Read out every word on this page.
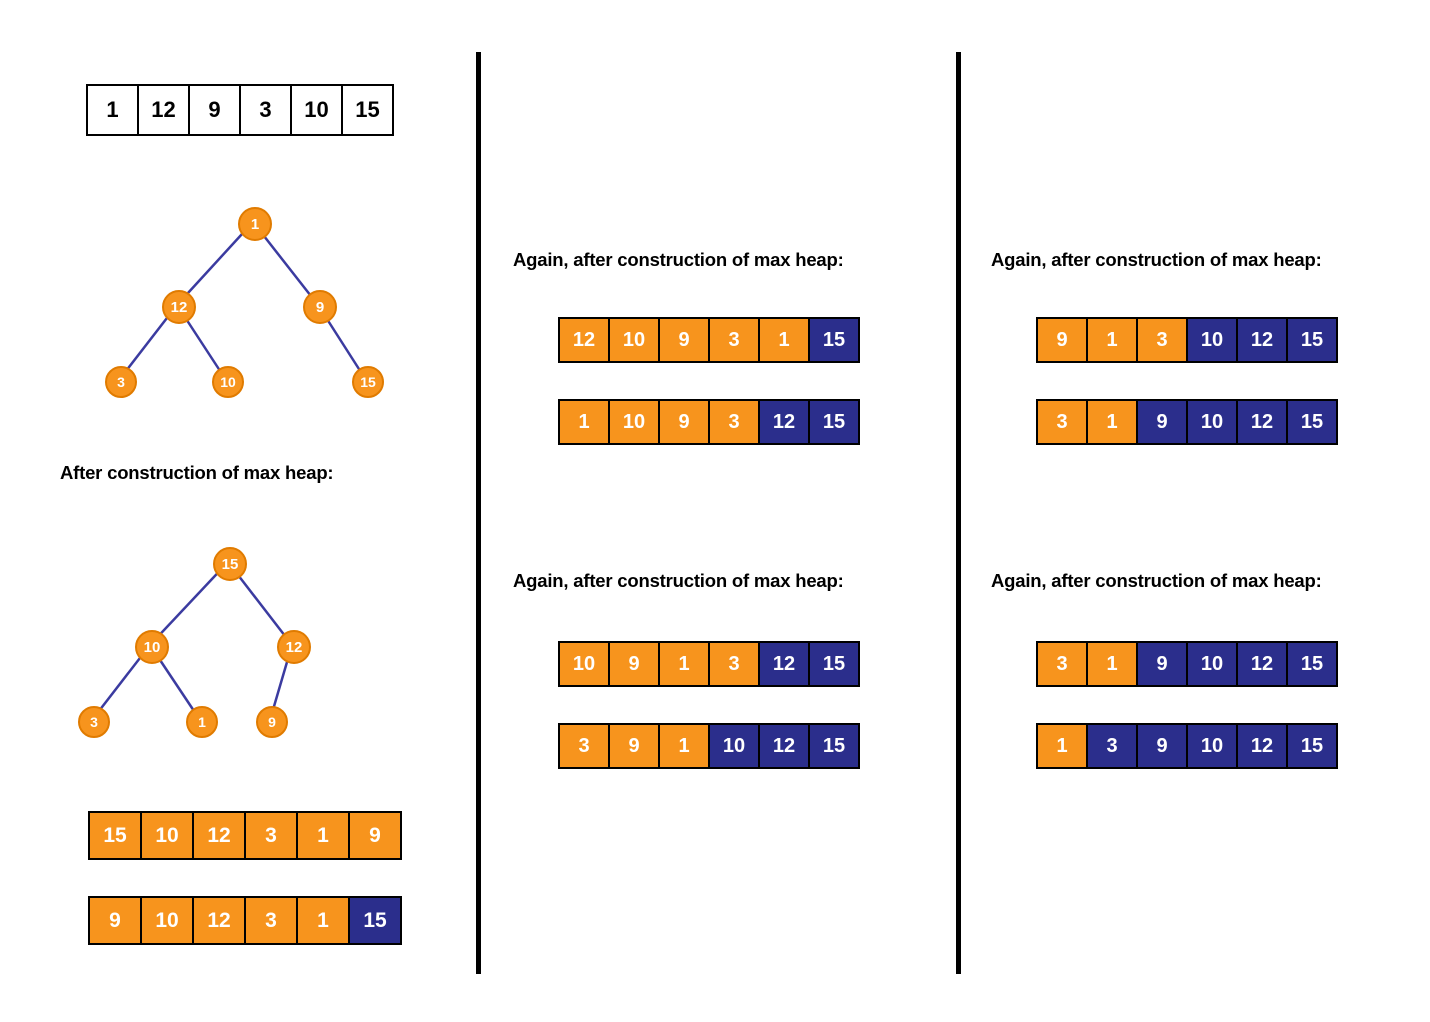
1	12	9	3	10	15
1
12	9
3	10	15
After construction of max heap:
15
10	12
3	1	9
15	10	12	3	1	9
9	10	12	3	1	15
Again, after construction of max heap:
12	10	9	3	1	15
1	10	9	3	12	15
Again, after construction of max heap:
10	9	1	3	12	15
3	9	1	10	12	15
Again, after construction of max heap:
9	1	3	10	12	15
3	1	9	10	12	15
Again, after construction of max heap:
3	1	9	10	12	15
1	3	9	10	12	15
